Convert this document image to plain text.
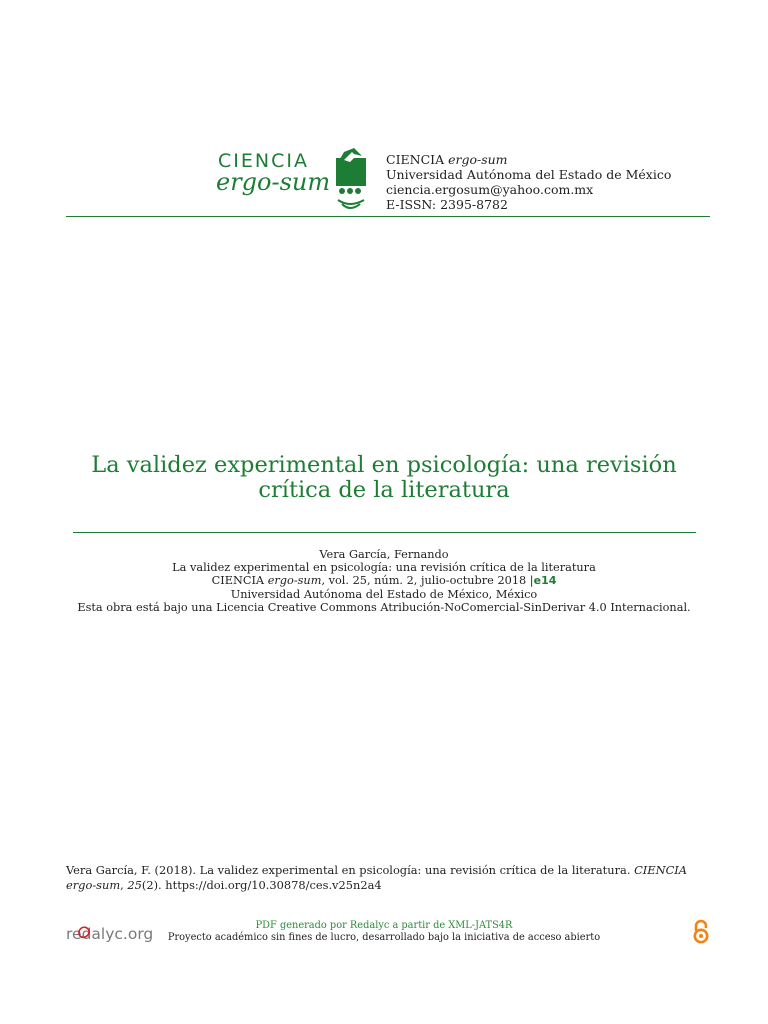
CIENCIA
ergo-sum
CIENCIA ergo-sum
Universidad Autónoma del Estado de México
ciencia.ergosum@yahoo.com.mx
E-ISSN: 2395-8782
La validez experimental en psicología: una revisión
crítica de la literatura
Vera García, Fernando
La validez experimental en psicología: una revisión crítica de la literatura
CIENCIA ergo-sum, vol. 25, núm. 2, julio-octubre 2018 |e14
Universidad Autónoma del Estado de México, México
Esta obra está bajo una Licencia Creative Commons Atribución-NoComercial-SinDerivar 4.0 Internacional.
Vera García, F. (2018). La validez experimental en psicología: una revisión crítica de la literatura. CIENCIA ergo-sum, 25(2). https://doi.org/10.30878/ces.v25n2a4
redalyc.org	PDF generado por Redalyc a partir de XML-JATS4R
Proyecto académico sin fines de lucro, desarrollado bajo la iniciativa de acceso abierto
